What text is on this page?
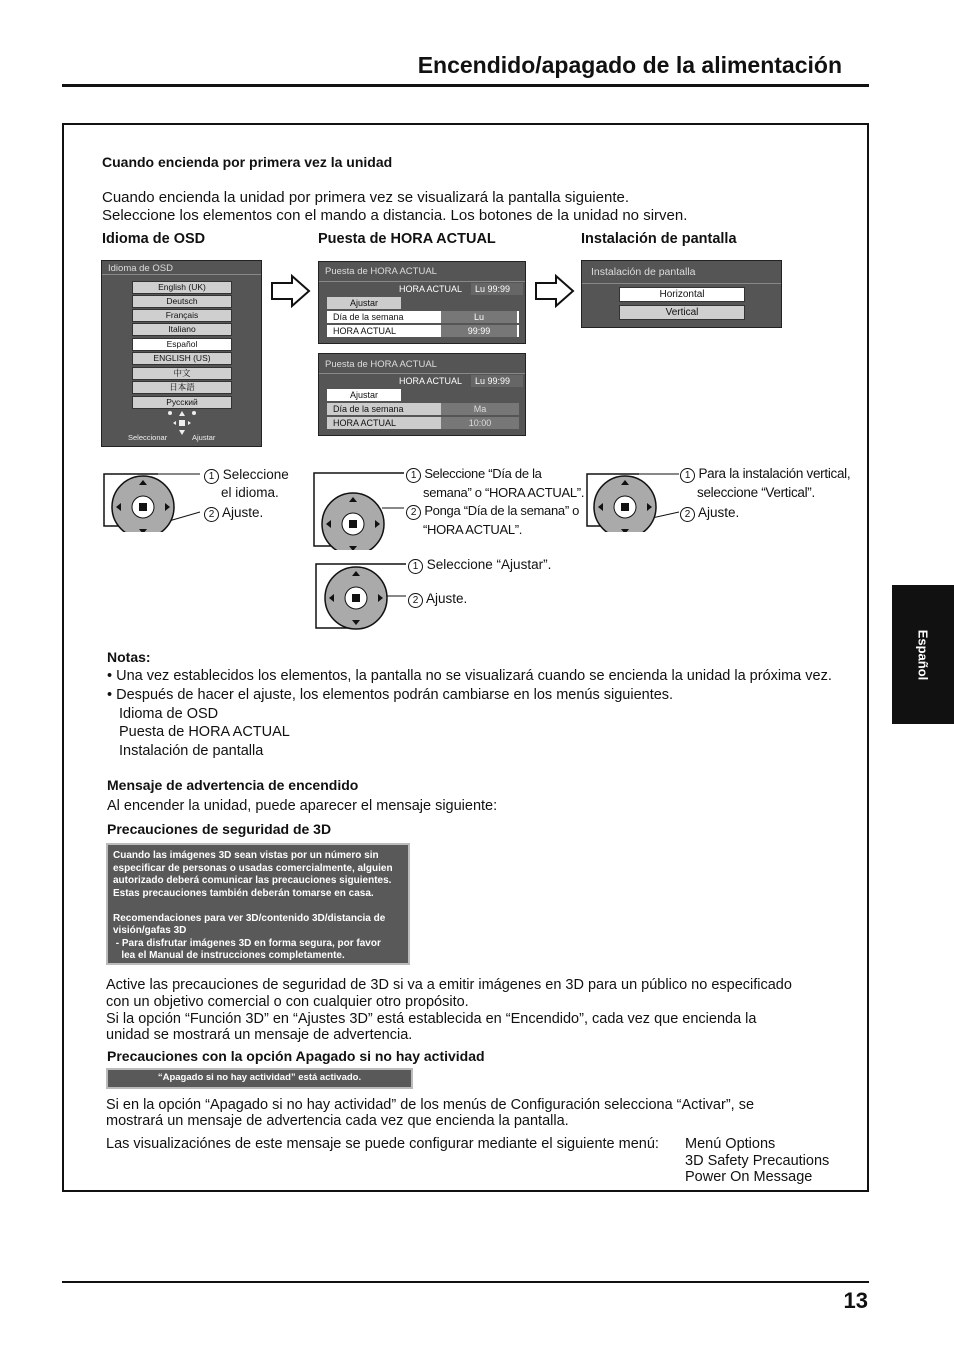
Encendido/apagado de la alimentación
Español
Cuando encienda por primera vez la unidad
Cuando encienda la unidad por primera vez se visualizará la pantalla siguiente.
Seleccione los elementos con el mando a distancia. Los botones de la unidad no sirven.
Idioma de OSD	Puesta de HORA ACTUAL	Instalación de pantalla
Idioma de OSD
English (UK)
Deutsch
Français
Italiano
Español
ENGLISH (US)
中文
日本語
Русский
Seleccionar	Ajustar
Puesta de HORA ACTUAL
HORA ACTUAL	Lu 99:99
Ajustar
Día de la semana	Lu
HORA ACTUAL	99:99
Instalación de pantalla
Horizontal
Vertical
Puesta de HORA ACTUAL
HORA ACTUAL	Lu 99:99
Ajustar
Día de la semana	Ma
HORA ACTUAL	10:00
1 Seleccione
el idioma.
2 Ajuste.
1 Seleccione “Día de la
semana” o “HORA ACTUAL”.
2 Ponga “Día de la semana” o
“HORA ACTUAL”.
1 Seleccione “Ajustar”.
2 Ajuste.
1 Para la instalación vertical,
seleccione “Vertical”.
2 Ajuste.
Notas:
• Una vez establecidos los elementos, la pantalla no se visualizará cuando se encienda la unidad la próxima vez.
• Después de hacer el ajuste, los elementos podrán cambiarse en los menús siguientes.
Idioma de OSD
Puesta de HORA ACTUAL
Instalación de pantalla
Mensaje de advertencia de encendido
Al encender la unidad, puede aparecer el mensaje siguiente:
Precauciones de seguridad de 3D
Cuando las imágenes 3D sean vistas por un número sin
especificar de personas o usadas comercialmente, alguien
autorizado deberá comunicar las precauciones siguientes.
Estas precauciones también deberán tomarse en casa.
Recomendaciones para ver 3D/contenido 3D/distancia de
visión/gafas 3D
- Para disfrutar imágenes 3D en forma segura, por favor
lea el Manual de instrucciones completamente.
Active las precauciones de seguridad de 3D si va a emitir imágenes en 3D para un público no especificado
con un objetivo comercial o con cualquier otro propósito.
Si la opción “Función 3D” en “Ajustes 3D” está establecida en “Encendido”, cada vez que encienda la
unidad se mostrará un mensaje de advertencia.
Precauciones con la opción Apagado si no hay actividad
“Apagado si no hay actividad” está activado.
Si en la opción “Apagado si no hay actividad” de los menús de Configuración selecciona “Activar”, se
mostrará un mensaje de advertencia cada vez que encienda la pantalla.
Las visualizaciónes de este mensaje se puede configurar mediante el siguiente menú: Menú Options
3D Safety Precautions
Power On Message
13
